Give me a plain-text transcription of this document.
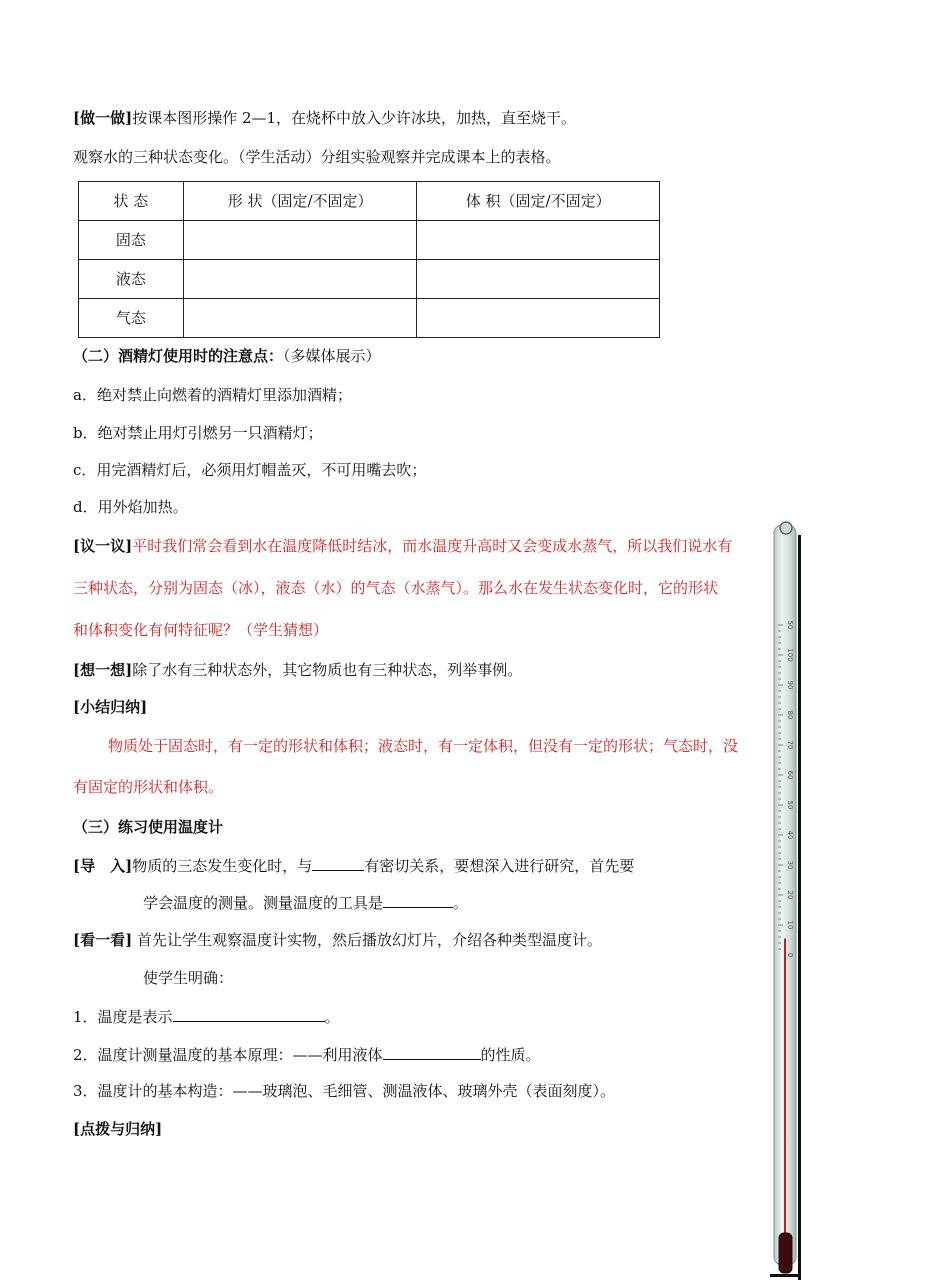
[做一做]按课本图形操作 2—1，在烧杯中放入少许冰块，加热，直至烧干。
观察水的三种状态变化。（学生活动）分组实验观察并完成课本上的表格。
状 态	形 状（固定/不固定）	体 积（固定/不固定）
固态		
液态		
气态		
（二）酒精灯使用时的注意点：（多媒体展示）
a．绝对禁止向燃着的酒精灯里添加酒精；
b．绝对禁止用灯引燃另一只酒精灯；
c．用完酒精灯后，必须用灯帽盖灭，不可用嘴去吹；
d．用外焰加热。
[议一议]平时我们常会看到水在温度降低时结冰，而水温度升高时又会变成水蒸气，所以我们说水有
三种状态，分别为固态（冰），液态（水）的气态（水蒸气）。那么水在发生状态变化时，它的形状
和体积变化有何特征呢？（学生猜想）
[想一想]除了水有三种状态外，其它物质也有三种状态，列举事例。
[小结归纳]
物质处于固态时，有一定的形状和体积；液态时，有一定体积，但没有一定的形状；气态时，没
有固定的形状和体积。
（三）练习使用温度计
[导　入]物质的三态发生变化时，与	有密切关系，要想深入进行研究，首先要
学会温度的测量。测量温度的工具是	。
[看一看] 首先让学生观察温度计实物，然后播放幻灯片，介绍各种类型温度计。
使学生明确：
1．温度是表示	。
2．温度计测量温度的基本原理：——利用液体	的性质。
3．温度计的基本构造：——玻璃泡、毛细管、测温液体、玻璃外壳（表面刻度）。
[点拨与归纳]
50
100
90
80
70
60
50
40
30
20
10
0
